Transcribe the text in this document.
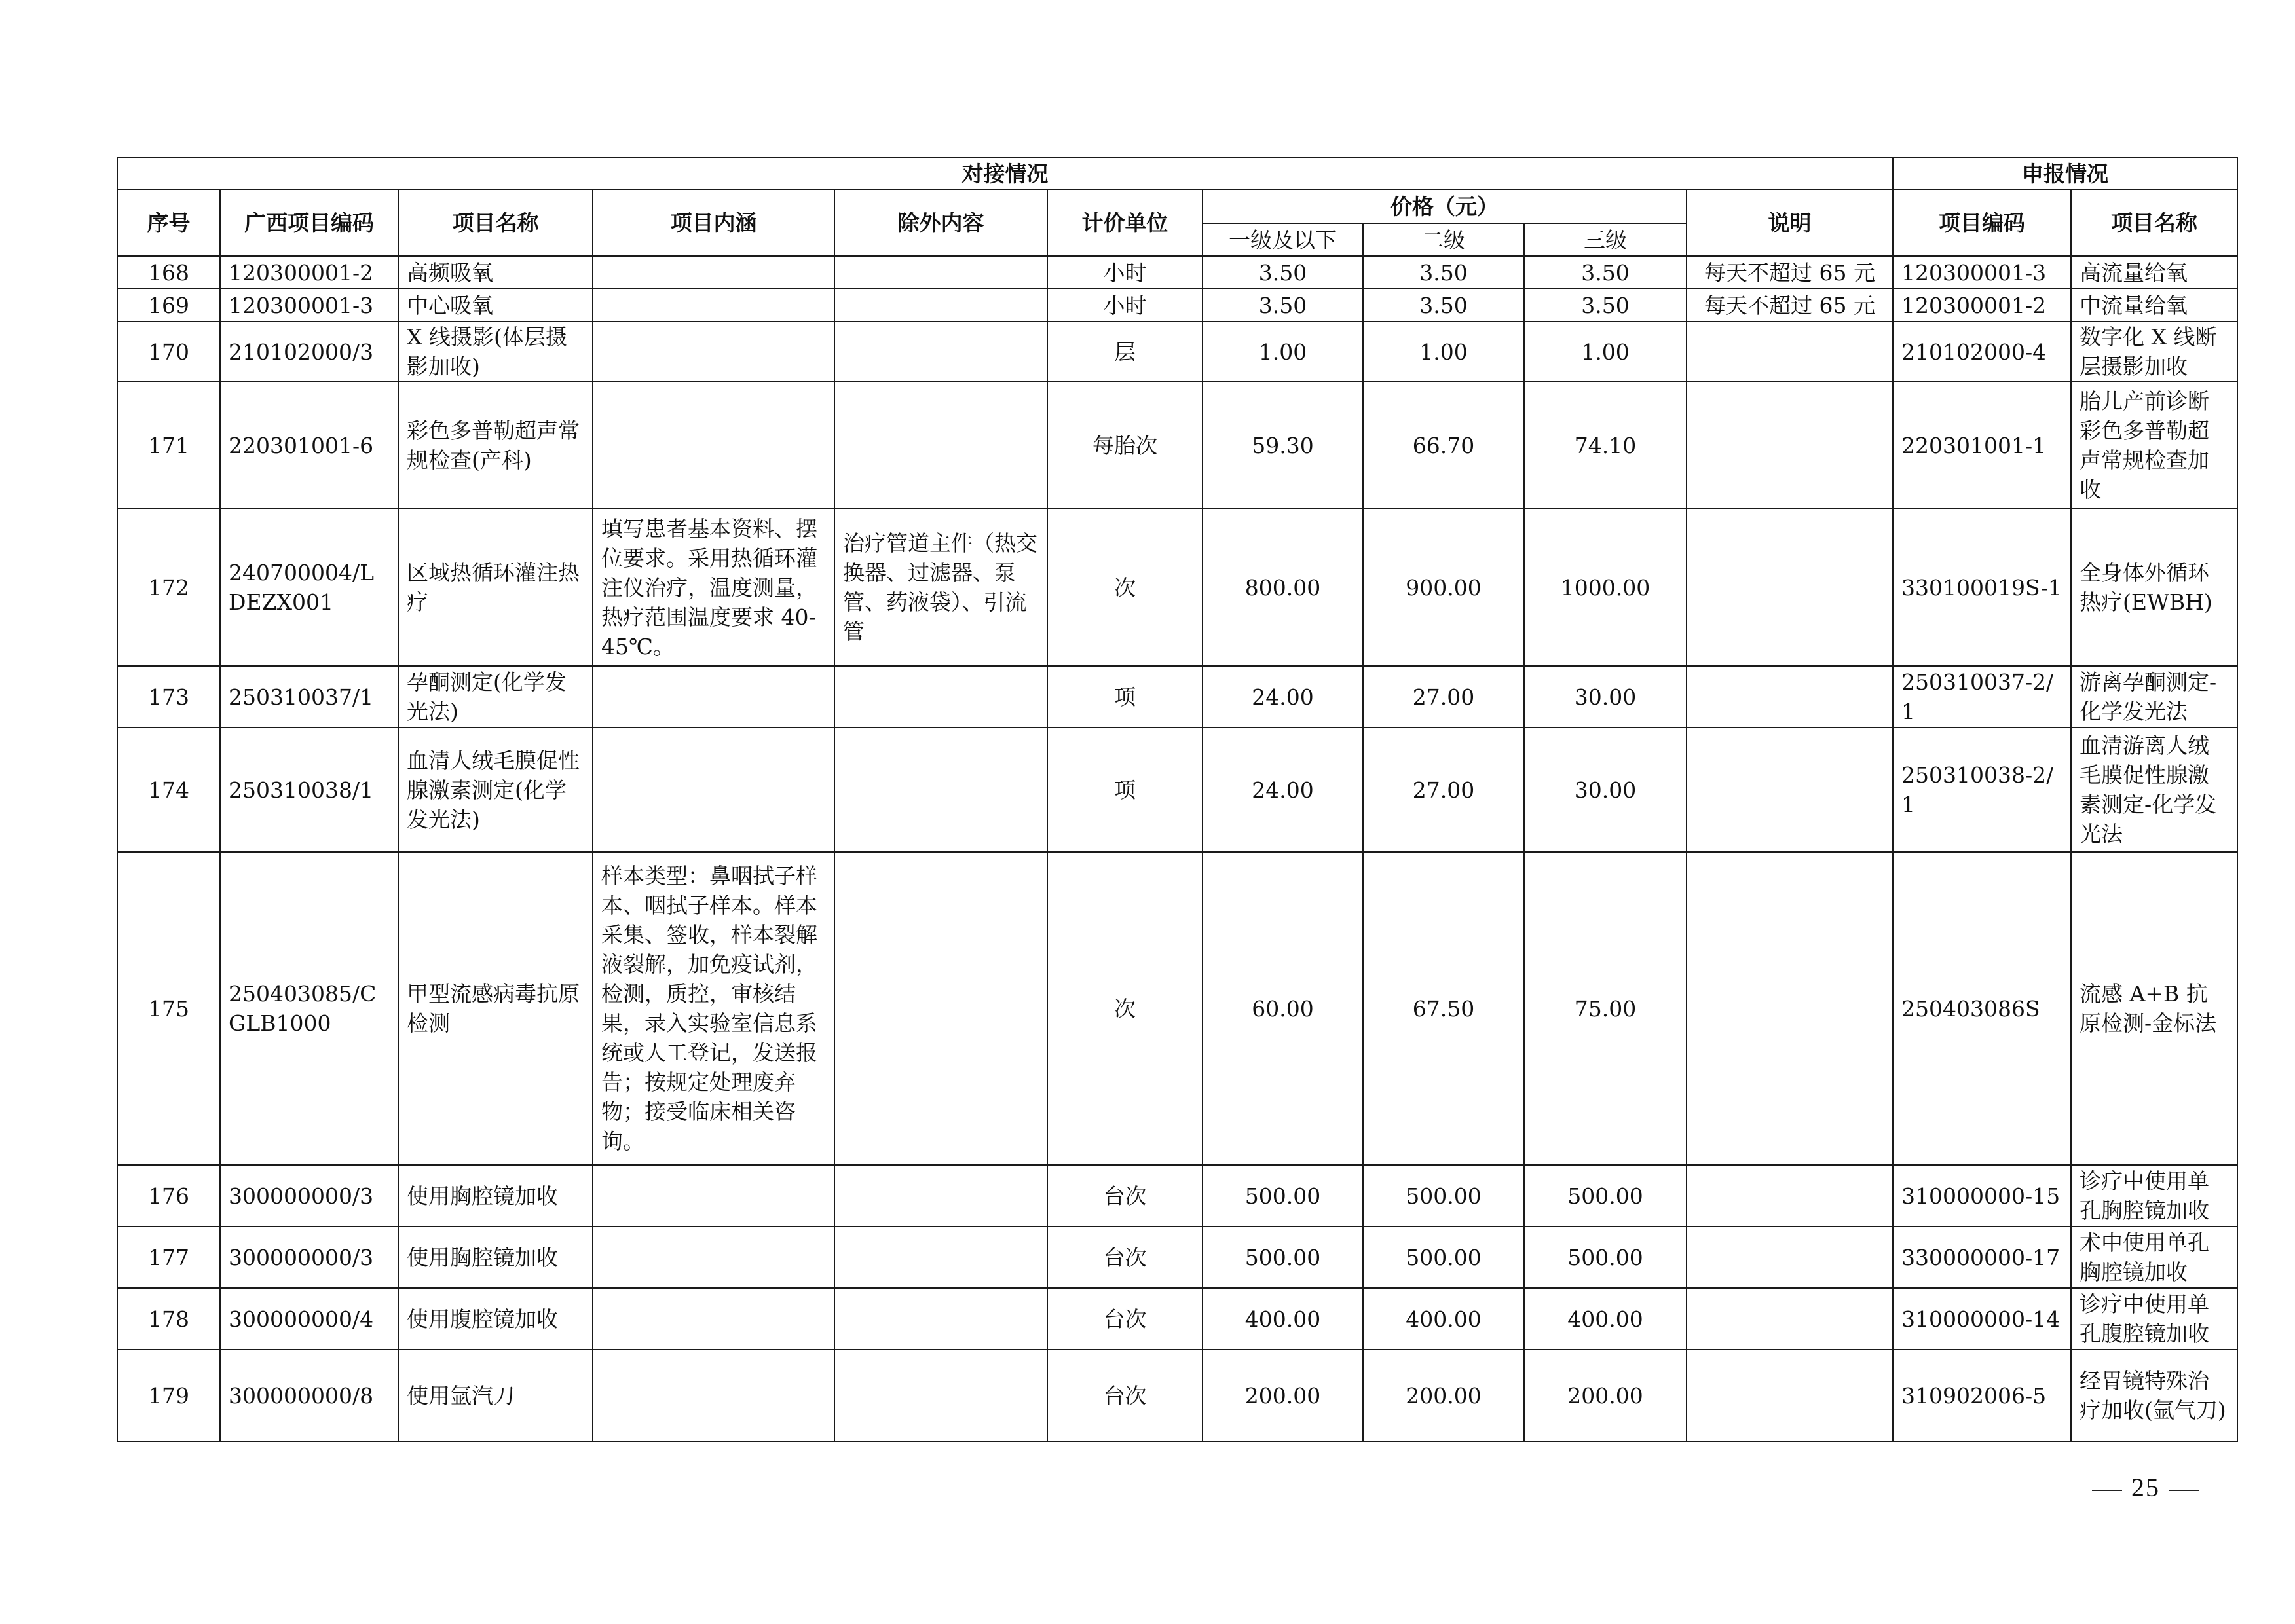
对接情况										申报情况	
序号	广西项目编码	项目名称	项目内涵	除外内容	计价单位	价格（元）			说明	项目编码	项目名称
						一级及以下	二级	三级			
168	120300001-2	高频吸氧			小时	3.50	3.50	3.50	每天不超过 65 元	120300001-3	高流量给氧
169	120300001-3	中心吸氧			小时	3.50	3.50	3.50	每天不超过 65 元	120300001-2	中流量给氧
170	210102000/3	X 线摄影(体层摄影加收)			层	1.00	1.00	1.00		210102000-4	数字化 X 线断层摄影加收
171	220301001-6	彩色多普勒超声常规检查(产科)			每胎次	59.30	66.70	74.10		220301001-1	胎儿产前诊断彩色多普勒超声常规检查加收
172	240700004/LDEZX001	区域热循环灌注热疗	填写患者基本资料、摆位要求。采用热循环灌注仪治疗，温度测量，热疗范围温度要求 40-45℃。	治疗管道主件（热交换器、过滤器、泵管、药液袋）、引流管	次	800.00	900.00	1000.00		330100019S-1	全身体外循环热疗(EWBH)
173	250310037/1	孕酮测定(化学发光法)			项	24.00	27.00	30.00		250310037-2/1	游离孕酮测定-化学发光法
174	250310038/1	血清人绒毛膜促性腺激素测定(化学发光法)			项	24.00	27.00	30.00		250310038-2/1	血清游离人绒毛膜促性腺激素测定-化学发光法
175	250403085/CGLB1000	甲型流感病毒抗原检测	样本类型：鼻咽拭子样本、咽拭子样本。样本采集、签收，样本裂解液裂解，加免疫试剂，检测，质控，审核结果，录入实验室信息系统或人工登记，发送报告；按规定处理废弃物；接受临床相关咨询。		次	60.00	67.50	75.00		250403086S	流感 A+B 抗原检测-金标法
176	300000000/3	使用胸腔镜加收			台次	500.00	500.00	500.00		310000000-15	诊疗中使用单孔胸腔镜加收
177	300000000/3	使用胸腔镜加收			台次	500.00	500.00	500.00		330000000-17	术中使用单孔胸腔镜加收
178	300000000/4	使用腹腔镜加收			台次	400.00	400.00	400.00		310000000-14	诊疗中使用单孔腹腔镜加收
179	300000000/8	使用氩汽刀			台次	200.00	200.00	200.00		310902006-5	经胃镜特殊治疗加收(氩气刀)
25
